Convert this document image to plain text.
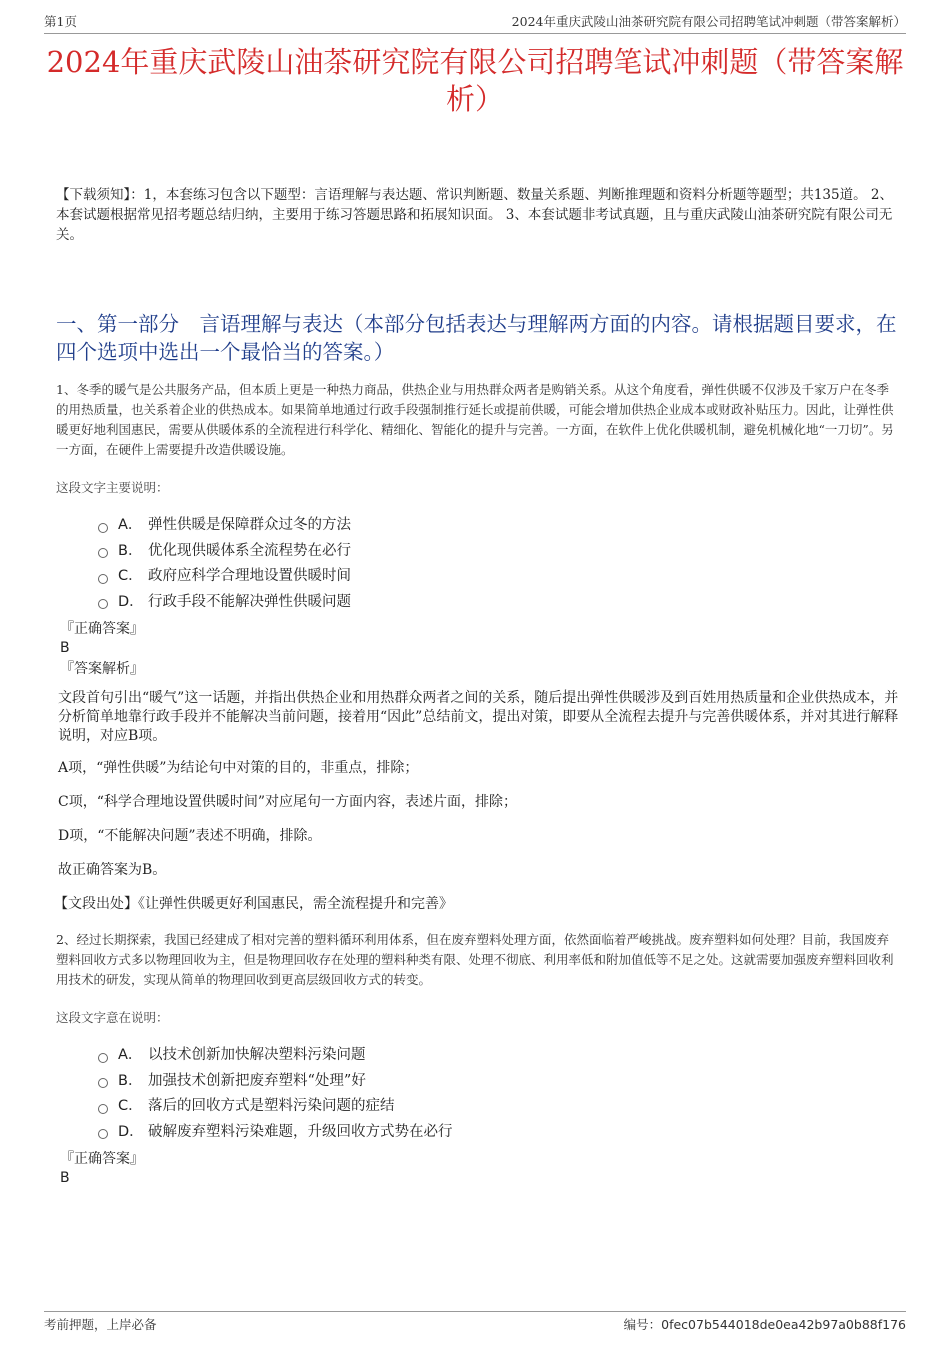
第1页	2024年重庆武陵山油茶研究院有限公司招聘笔试冲刺题（带答案解析）
2024年重庆武陵山油茶研究院有限公司招聘笔试冲刺题（带答案解析）

【下载须知】：1，本套练习包含以下题型：言语理解与表达题、常识判断题、数量关系题、判断推理题和资料分析题等题型；共135道。 2、本套试题根据常见招考题总结归纳，主要用于练习答题思路和拓展知识面。 3、本套试题非考试真题，且与重庆武陵山油茶研究院有限公司无关。

一、第一部分　言语理解与表达（本部分包括表达与理解两方面的内容。请根据题目要求，在四个选项中选出一个最恰当的答案。）

1、冬季的暖气是公共服务产品，但本质上更是一种热力商品，供热企业与用热群众两者是购销关系。从这个角度看，弹性供暖不仅涉及千家万户在冬季的用热质量，也关系着企业的供热成本。如果简单地通过行政手段强制推行延长或提前供暖，可能会增加供热企业成本或财政补贴压力。因此，让弹性供暖更好地利国惠民，需要从供暖体系的全流程进行科学化、精细化、智能化的提升与完善。一方面，在软件上优化供暖机制，避免机械化地“一刀切”。另一方面，在硬件上需要提升改造供暖设施。

这段文字主要说明：

A． 弹性供暖是保障群众过冬的方法
B． 优化现供暖体系全流程势在必行
C． 政府应科学合理地设置供暖时间
D． 行政手段不能解决弹性供暖问题
『正确答案』
B
『答案解析』

文段首句引出“暖气”这一话题，并指出供热企业和用热群众两者之间的关系，随后提出弹性供暖涉及到百姓用热质量和企业供热成本，并分析简单地靠行政手段并不能解决当前问题，接着用“因此”总结前文，提出对策，即要从全流程去提升与完善供暖体系，并对其进行解释说明，对应B项。

A项，“弹性供暖”为结论句中对策的目的，非重点，排除；

C项，“科学合理地设置供暖时间”对应尾句一方面内容，表述片面，排除；

D项，“不能解决问题”表述不明确，排除。

故正确答案为B。

【文段出处】《让弹性供暖更好利国惠民，需全流程提升和完善》

2、经过长期探索，我国已经建成了相对完善的塑料循环利用体系，但在废弃塑料处理方面，依然面临着严峻挑战。废弃塑料如何处理？目前，我国废弃塑料回收方式多以物理回收为主，但是物理回收存在处理的塑料种类有限、处理不彻底、利用率低和附加值低等不足之处。这就需要加强废弃塑料回收利用技术的研发，实现从简单的物理回收到更高层级回收方式的转变。

这段文字意在说明：

A． 以技术创新加快解决塑料污染问题
B． 加强技术创新把废弃塑料“处理”好
C． 落后的回收方式是塑料污染问题的症结
D． 破解废弃塑料污染难题，升级回收方式势在必行
『正确答案』
B
考前押题，上岸必备	编号：0fec07b544018de0ea42b97a0b88f176
